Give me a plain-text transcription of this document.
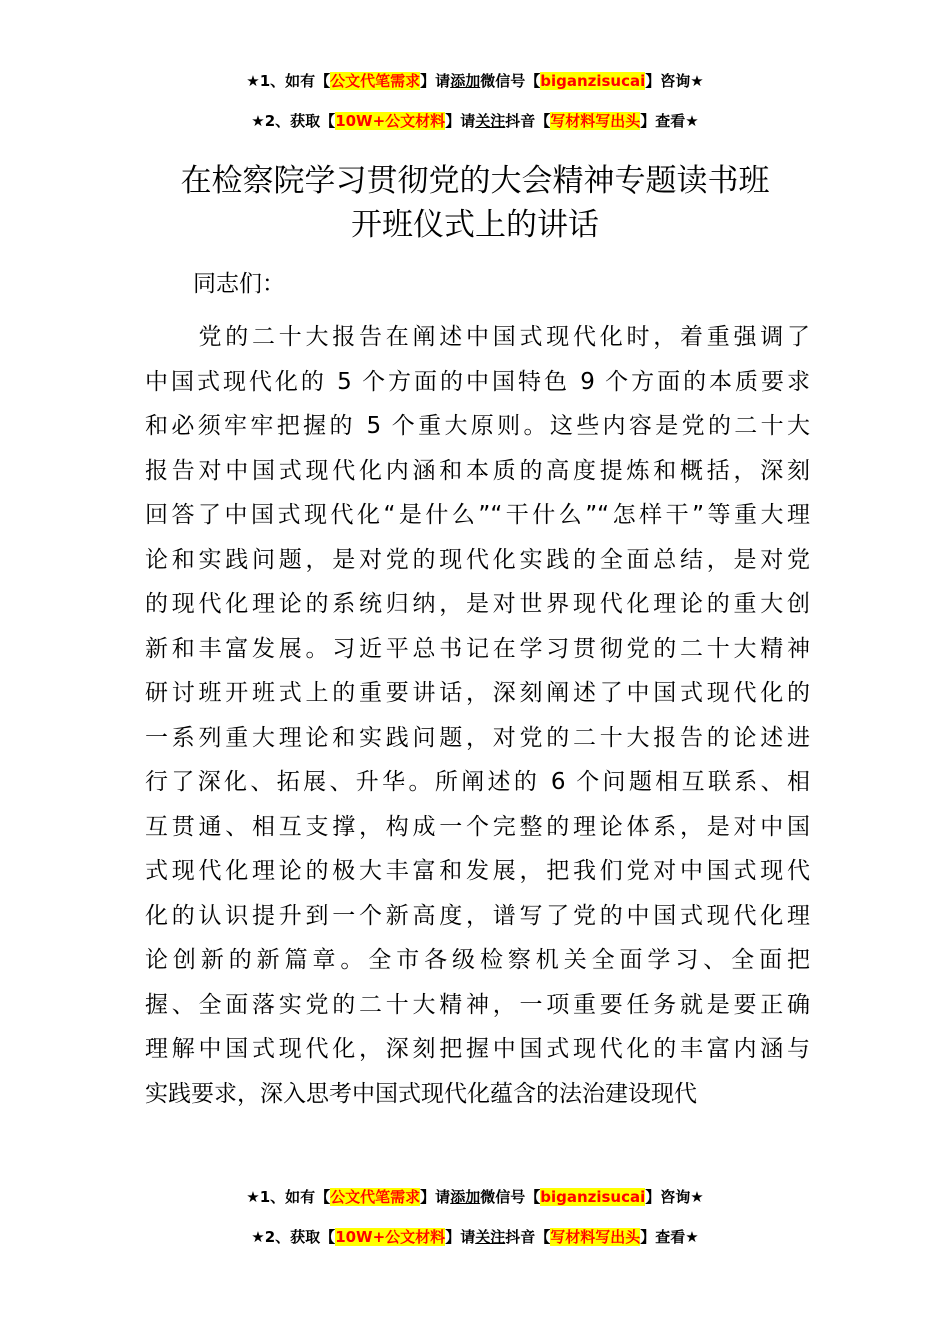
★1、如有【公文代笔需求】请添加微信号【biganzisucai】咨询★
★2、获取【10W+公文材料】请关注抖音【写材料写出头】查看★
在检察院学习贯彻党的大会精神专题读书班
开班仪式上的讲话
同志们：
　　党的二十大报告在阐述中国式现代化时，着重强调了
中国式现代化的 5 个方面的中国特色 9 个方面的本质要求
和必须牢牢把握的 5 个重大原则。这些内容是党的二十大
报告对中国式现代化内涵和本质的高度提炼和概括，深刻
回答了中国式现代化“是什么”“干什么”“怎样干”等重大理
论和实践问题，是对党的现代化实践的全面总结，是对党
的现代化理论的系统归纳，是对世界现代化理论的重大创
新和丰富发展。习近平总书记在学习贯彻党的二十大精神
研讨班开班式上的重要讲话，深刻阐述了中国式现代化的
一系列重大理论和实践问题，对党的二十大报告的论述进
行了深化、拓展、升华。所阐述的 6 个问题相互联系、相
互贯通、相互支撑，构成一个完整的理论体系，是对中国
式现代化理论的极大丰富和发展，把我们党对中国式现代
化的认识提升到一个新高度，谱写了党的中国式现代化理
论创新的新篇章。全市各级检察机关全面学习、全面把
握、全面落实党的二十大精神，一项重要任务就是要正确
理解中国式现代化，深刻把握中国式现代化的丰富内涵与
实践要求，深入思考中国式现代化蕴含的法治建设现代
★1、如有【公文代笔需求】请添加微信号【biganzisucai】咨询★
★2、获取【10W+公文材料】请关注抖音【写材料写出头】查看★
